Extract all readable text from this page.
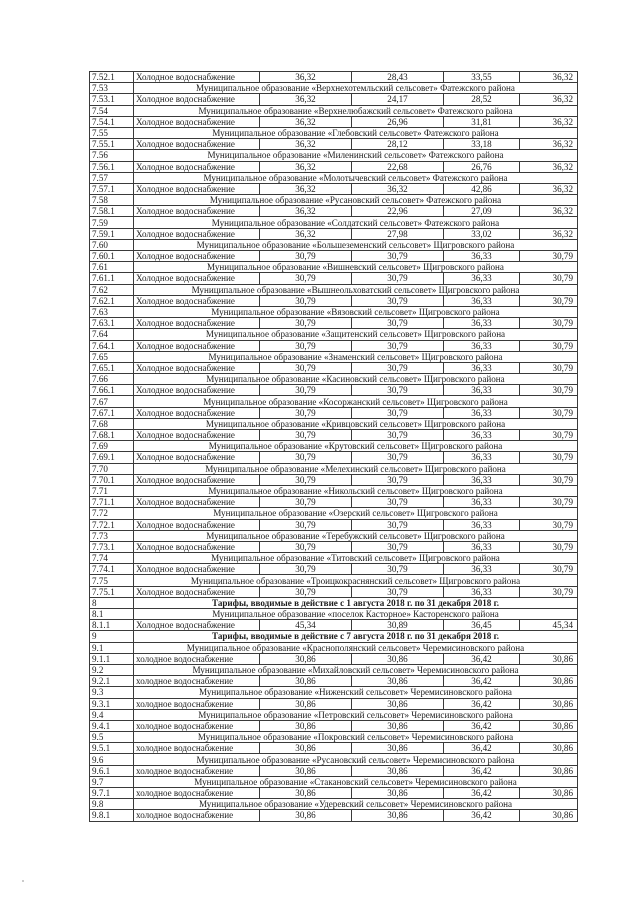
7.52.1	Холодное водоснабжение	36,32	28,43	33,55	36,32
7.53	Муниципальное образование «Верхнехотемльский сельсовет» Фатежского района				
7.53.1	Холодное водоснабжение	36,32	24,17	28,52	36,32
7.54	Муниципальное образование «Верхнелюбажский сельсовет» Фатежского района				
7.54.1	Холодное водоснабжение	36,32	26,96	31,81	36,32
7.55	Муниципальное образование «Глебовский сельсовет» Фатежского района				
7.55.1	Холодное водоснабжение	36,32	28,12	33,18	36,32
7.56	Муниципальное образование «Миленинский сельсовет» Фатежского района				
7.56.1	Холодное водоснабжение	36,32	22,68	26,76	36,32
7.57	Муниципальное образование «Молотычевский сельсовет» Фатежского района				
7.57.1	Холодное водоснабжение	36,32	36,32	42,86	36,32
7.58	Муниципальное образование «Русановский сельсовет» Фатежского района				
7.58.1	Холодное водоснабжение	36,32	22,96	27,09	36,32
7.59	Муниципальное образование «Солдатский сельсовет» Фатежского района				
7.59.1	Холодное водоснабжение	36,32	27,98	33,02	36,32
7.60	Муниципальное образование «Большеземенский сельсовет» Щигровского района				
7.60.1	Холодное водоснабжение	30,79	30,79	36,33	30,79
7.61	Муниципальное образование «Вишневский сельсовет» Щигровского района				
7.61.1	Холодное водоснабжение	30,79	30,79	36,33	30,79
7.62	Муниципальное образование «Вышнеольховатский сельсовет» Щигровского района				
7.62.1	Холодное водоснабжение	30,79	30,79	36,33	30,79
7.63	Муниципальное образование «Вязовский сельсовет» Щигровского района				
7.63.1	Холодное водоснабжение	30,79	30,79	36,33	30,79
7.64	Муниципальное образование «Защитенский сельсовет» Щигровского района				
7.64.1	Холодное водоснабжение	30,79	30,79	36,33	30,79
7.65	Муниципальное образование «Знаменский сельсовет» Щигровского района				
7.65.1	Холодное водоснабжение	30,79	30,79	36,33	30,79
7.66	Муниципальное образование «Касиновский сельсовет» Щигровского района				
7.66.1	Холодное водоснабжение	30,79	30,79	36,33	30,79
7.67	Муниципальное образование «Косоржанский сельсовет» Щигровского района				
7.67.1	Холодное водоснабжение	30,79	30,79	36,33	30,79
7.68	Муниципальное образование «Кривцовский сельсовет» Щигровского района				
7.68.1	Холодное водоснабжение	30,79	30,79	36,33	30,79
7.69	Муниципальное образование «Крутовский сельсовет» Щигровского района				
7.69.1	Холодное водоснабжение	30,79	30,79	36,33	30,79
7.70	Муниципальное образование «Мелехинский сельсовет» Щигровского района				
7.70.1	Холодное водоснабжение	30,79	30,79	36,33	30,79
7.71	Муниципальное образование «Никольский сельсовет» Щигровского района				
7.71.1	Холодное водоснабжение	30,79	30,79	36,33	30,79
7.72	Муниципальное образование «Озерский сельсовет» Щигровского района				
7.72.1	Холодное водоснабжение	30,79	30,79	36,33	30,79
7.73	Муниципальное образование «Теребужский сельсовет» Щигровского района				
7.73.1	Холодное водоснабжение	30,79	30,79	36,33	30,79
7.74	Муниципальное образование «Титовский сельсовет» Щигровского района				
7.74.1	Холодное водоснабжение	30,79	30,79	36,33	30,79
7.75	Муниципальное образование «Троицкокраснянский сельсовет» Щигровского района				
7.75.1	Холодное водоснабжение	30,79	30,79	36,33	30,79
8	Тарифы, вводимые в действие с 1 августа 2018 г. по 31 декабря 2018 г.				
8.1	Муниципальное образование «поселок Касторное» Касторенского района				
8.1.1	Холодное водоснабжение	45,34	30,89	36,45	45,34
9	Тарифы, вводимые в действие с 7 августа 2018 г. по 31 декабря 2018 г.				
9.1	Муниципальное образование «Краснополянский сельсовет» Черемисиновского района				
9.1.1	холодное водоснабжение	30,86	30,86	36,42	30,86
9.2	Муниципальное образование «Михайловский сельсовет» Черемисиновского района				
9.2.1	холодное водоснабжение	30,86	30,86	36,42	30,86
9.3	Муниципальное образование «Ниженский сельсовет» Черемисиновского района				
9.3.1	холодное водоснабжение	30,86	30,86	36,42	30,86
9.4	Муниципальное образование «Петровский сельсовет» Черемисиновского района				
9.4.1	холодное водоснабжение	30,86	30,86	36,42	30,86
9.5	Муниципальное образование «Покровский сельсовет» Черемисиновского района				
9.5.1	холодное водоснабжение	30,86	30,86	36,42	30,86
9.6	Муниципальное образование «Русановский сельсовет» Черемисиновского района				
9.6.1	холодное водоснабжение	30,86	30,86	36,42	30,86
9.7	Муниципальное образование «Стакановский сельсовет» Черемисиновского района				
9.7.1	холодное водоснабжение	30,86	30,86	36,42	30,86
9.8	Муниципальное образование «Удеревский сельсовет» Черемисиновского района				
9.8.1	холодное водоснабжение	30,86	30,86	36,42	30,86
